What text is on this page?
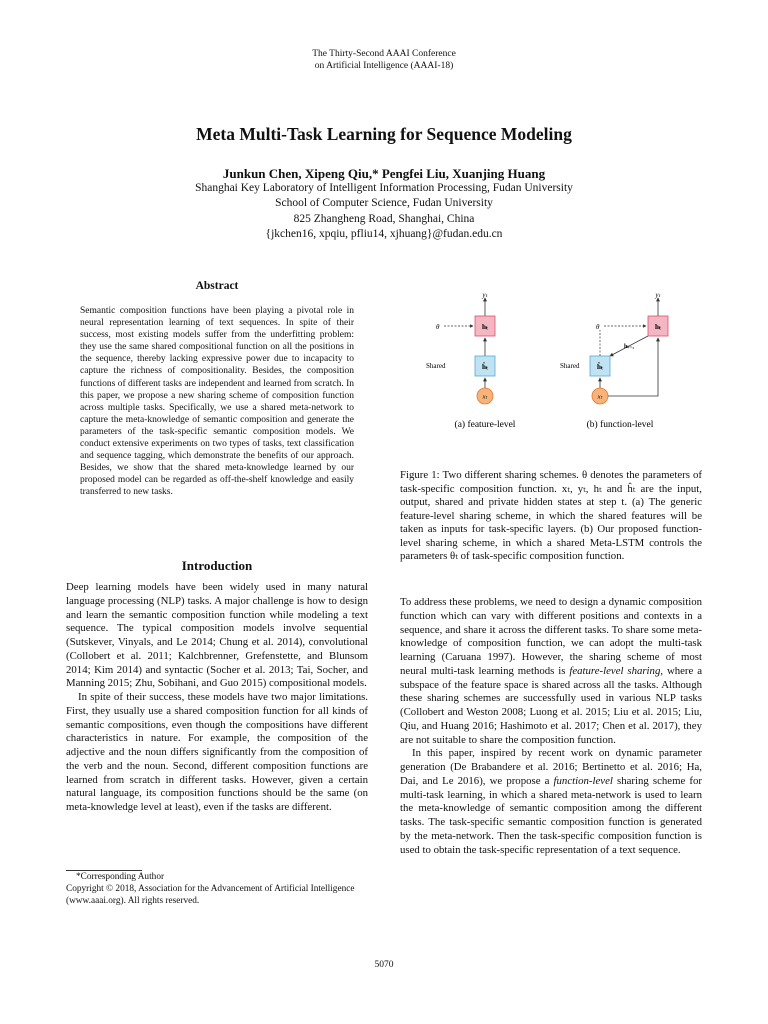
The Thirty-Second AAAI Conference
on Artificial Intelligence (AAAI-18)
Meta Multi-Task Learning for Sequence Modeling
Junkun Chen, Xipeng Qiu,* Pengfei Liu, Xuanjing Huang
Shanghai Key Laboratory of Intelligent Information Processing, Fudan University
School of Computer Science, Fudan University
825 Zhangheng Road, Shanghai, China
{jkchen16, xpqiu, pfliu14, xjhuang}@fudan.edu.cn
Abstract
Semantic composition functions have been playing a pivotal role in neural representation learning of text sequences. In spite of their success, most existing models suffer from the underfitting problem: they use the same shared compositional function on all the positions in the sequence, thereby lacking expressive power due to incapacity to capture the richness of compositionality. Besides, the composition functions of different tasks are independent and learned from scratch. In this paper, we propose a new sharing scheme of composition function across multiple tasks. Specifically, we use a shared meta-network to capture the meta-knowledge of semantic composition and generate the parameters of the task-specific semantic composition models. We conduct extensive experiments on two types of tasks, text classification and sequence tagging, which demonstrate the benefits of our approach. Besides, we show that the shared meta-knowledge learned by our proposed model can be regarded as off-the-shelf knowledge and easily transferred to new tasks.
Introduction

Deep learning models have been widely used in many natural language processing (NLP) tasks. A major challenge is how to design and learn the semantic composition function while modeling a text sequence. The typical composition models involve sequential (Sutskever, Vinyals, and Le 2014; Chung et al. 2014), convolutional (Collobert et al. 2011; Kalchbrenner, Grefenstette, and Blunsom 2014; Kim 2014) and syntactic (Socher et al. 2013; Tai, Socher, and Manning 2015; Zhu, Sobihani, and Guo 2015) compositional models.

In spite of their success, these models have two major limitations. First, they usually use a shared composition function for all kinds of semantic compositions, even though the compositions have different characteristics in nature. For example, the composition of the adjective and the noun differs significantly from the composition of the verb and the noun. Second, different composition functions are learned from scratch in different tasks. However, given a certain natural language, its composition functions should be the same (on meta-knowledge level at least), even if the tasks are different.

*Corresponding Author

Copyright © 2018, Association for the Advancement of Artificial Intelligence (www.aaai.org). All rights reserved.

yₜ
hₜ
θ
Shared	ĥₜ
xₜ
(a) feature-level
yₜ
hₜ
θ
hₜ₋₁
Shared	ĥₜ
xₜ
(b) function-level
Figure 1: Two different sharing schemes. θ denotes the parameters of task-specific composition function. xₜ, yₜ, hₜ and ĥₜ are the input, output, shared and private hidden states at step t. (a) The generic feature-level sharing scheme, in which the shared features will be taken as inputs for task-specific layers. (b) Our proposed function-level sharing scheme, in which a shared Meta-LSTM controls the parameters θₜ of task-specific composition function.

To address these problems, we need to design a dynamic composition function which can vary with different positions and contexts in a sequence, and share it across the different tasks. To share some meta-knowledge of composition function, we can adopt the multi-task learning (Caruana 1997). However, the sharing scheme of most neural multi-task learning methods is feature-level sharing, where a subspace of the feature space is shared across all the tasks. Although these sharing schemes are successfully used in various NLP tasks (Collobert and Weston 2008; Luong et al. 2015; Liu et al. 2015; Liu, Qiu, and Huang 2016; Hashimoto et al. 2017; Chen et al. 2017), they are not suitable to share the composition function.

In this paper, inspired by recent work on dynamic parameter generation (De Brabandere et al. 2016; Bertinetto et al. 2016; Ha, Dai, and Le 2016), we propose a function-level sharing scheme for multi-task learning, in which a shared meta-network is used to learn the meta-knowledge of semantic composition among the different tasks. The task-specific semantic composition function is generated by the meta-network. Then the task-specific composition function is used to obtain the task-specific representation of a text sequence.

5070
